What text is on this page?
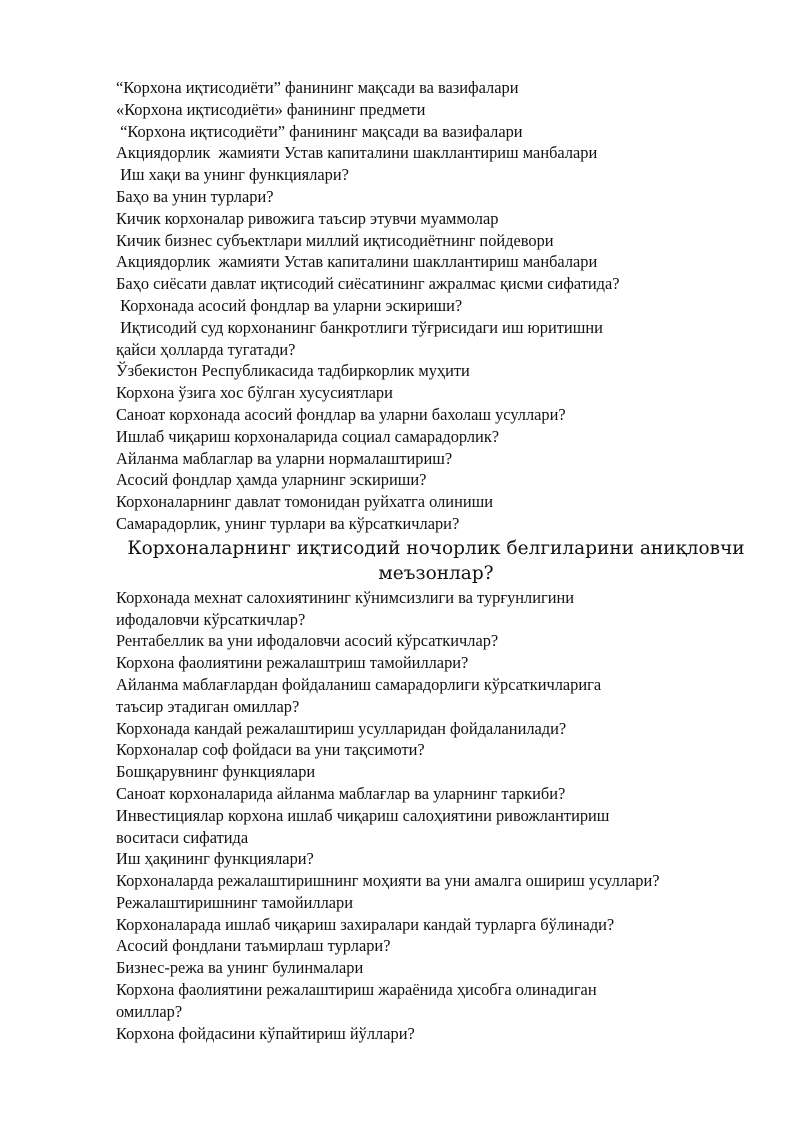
“Корхона иқтисодиёти” фанининг мақсади ва вазифалари
«Корхона иқтисодиёти» фанининг предмети
“Корхона иқтисодиёти” фанининг мақсади ва вазифалари
Акциядорлик  жамияти Устав капиталини шакллантириш манбалари
Иш хақи ва унинг функциялари?
Баҳо ва унин турлари?
Кичик корхоналар ривожига таъсир этувчи муаммолар
Кичик бизнес субъектлари миллий иқтисодиётнинг пойдевори
Акциядорлик  жамияти Устав капиталини шакллантириш манбалари
Баҳо сиёсати давлат иқтисодий сиёсатининг ажралмас қисми сифатида?
Корхонада асосий фондлар ва уларни эскириши?
Иқтисодий суд корхонанинг банкротлиги тўғрисидаги иш юритишни
қайси ҳолларда тугатади?
Ўзбекистон Республикасида тадбиркорлик муҳити
Корхона ўзига хос бўлган хусусиятлари
Саноат корхонада асосий фондлар ва уларни бахолаш усуллари?
Ишлаб чиқариш корхоналарида социал самарадорлик?
Айланма маблаглар ва уларни нормалаштириш?
Асосий фондлар ҳамда уларнинг эскириши?
Корхоналарнинг давлат томонидан руйхатга олиниши
Самарадорлик, унинг турлари ва кўрсаткичлари?
Корхоналарнинг иқтисодий ночорлик белгиларини аниқловчи
меъзонлар?
Корхонада мехнат салохиятининг кўнимсизлиги ва турғунлигини
ифодаловчи кўрсаткичлар?
Рентабеллик ва уни ифодаловчи асосий кўрсаткичлар?
Корхона фаолиятини режалаштриш тамойиллари?
Айланма маблағлардан фойдаланиш самарадорлиги кўрсаткичларига
таъсир этадиган омиллар?
Корхонада кандай режалаштириш усулларидан фойдаланилади?
Корхоналар соф фойдаси ва уни тақсимоти?
Бошқарувнинг функциялари
Саноат корхоналарида айланма маблағлар ва уларнинг таркиби?
Инвестициялар корхона ишлаб чиқариш салоҳиятини ривожлантириш
воситаси сифатида
Иш ҳақининг функциялари?
Корхоналарда режалаштиришнинг моҳияти ва уни амалга ошириш усуллари?
Режалаштиришнинг тамойиллари
Корхоналарада ишлаб чиқариш захиралари кандай турларга бўлинади?
Асосий фондлани таъмирлаш турлари?
Бизнес-режа ва унинг булинмалари
Корхона фаолиятини режалаштириш жараёнида ҳисобга олинадиган
омиллар?
Корхона фойдасини кўпайтириш йўллари?
